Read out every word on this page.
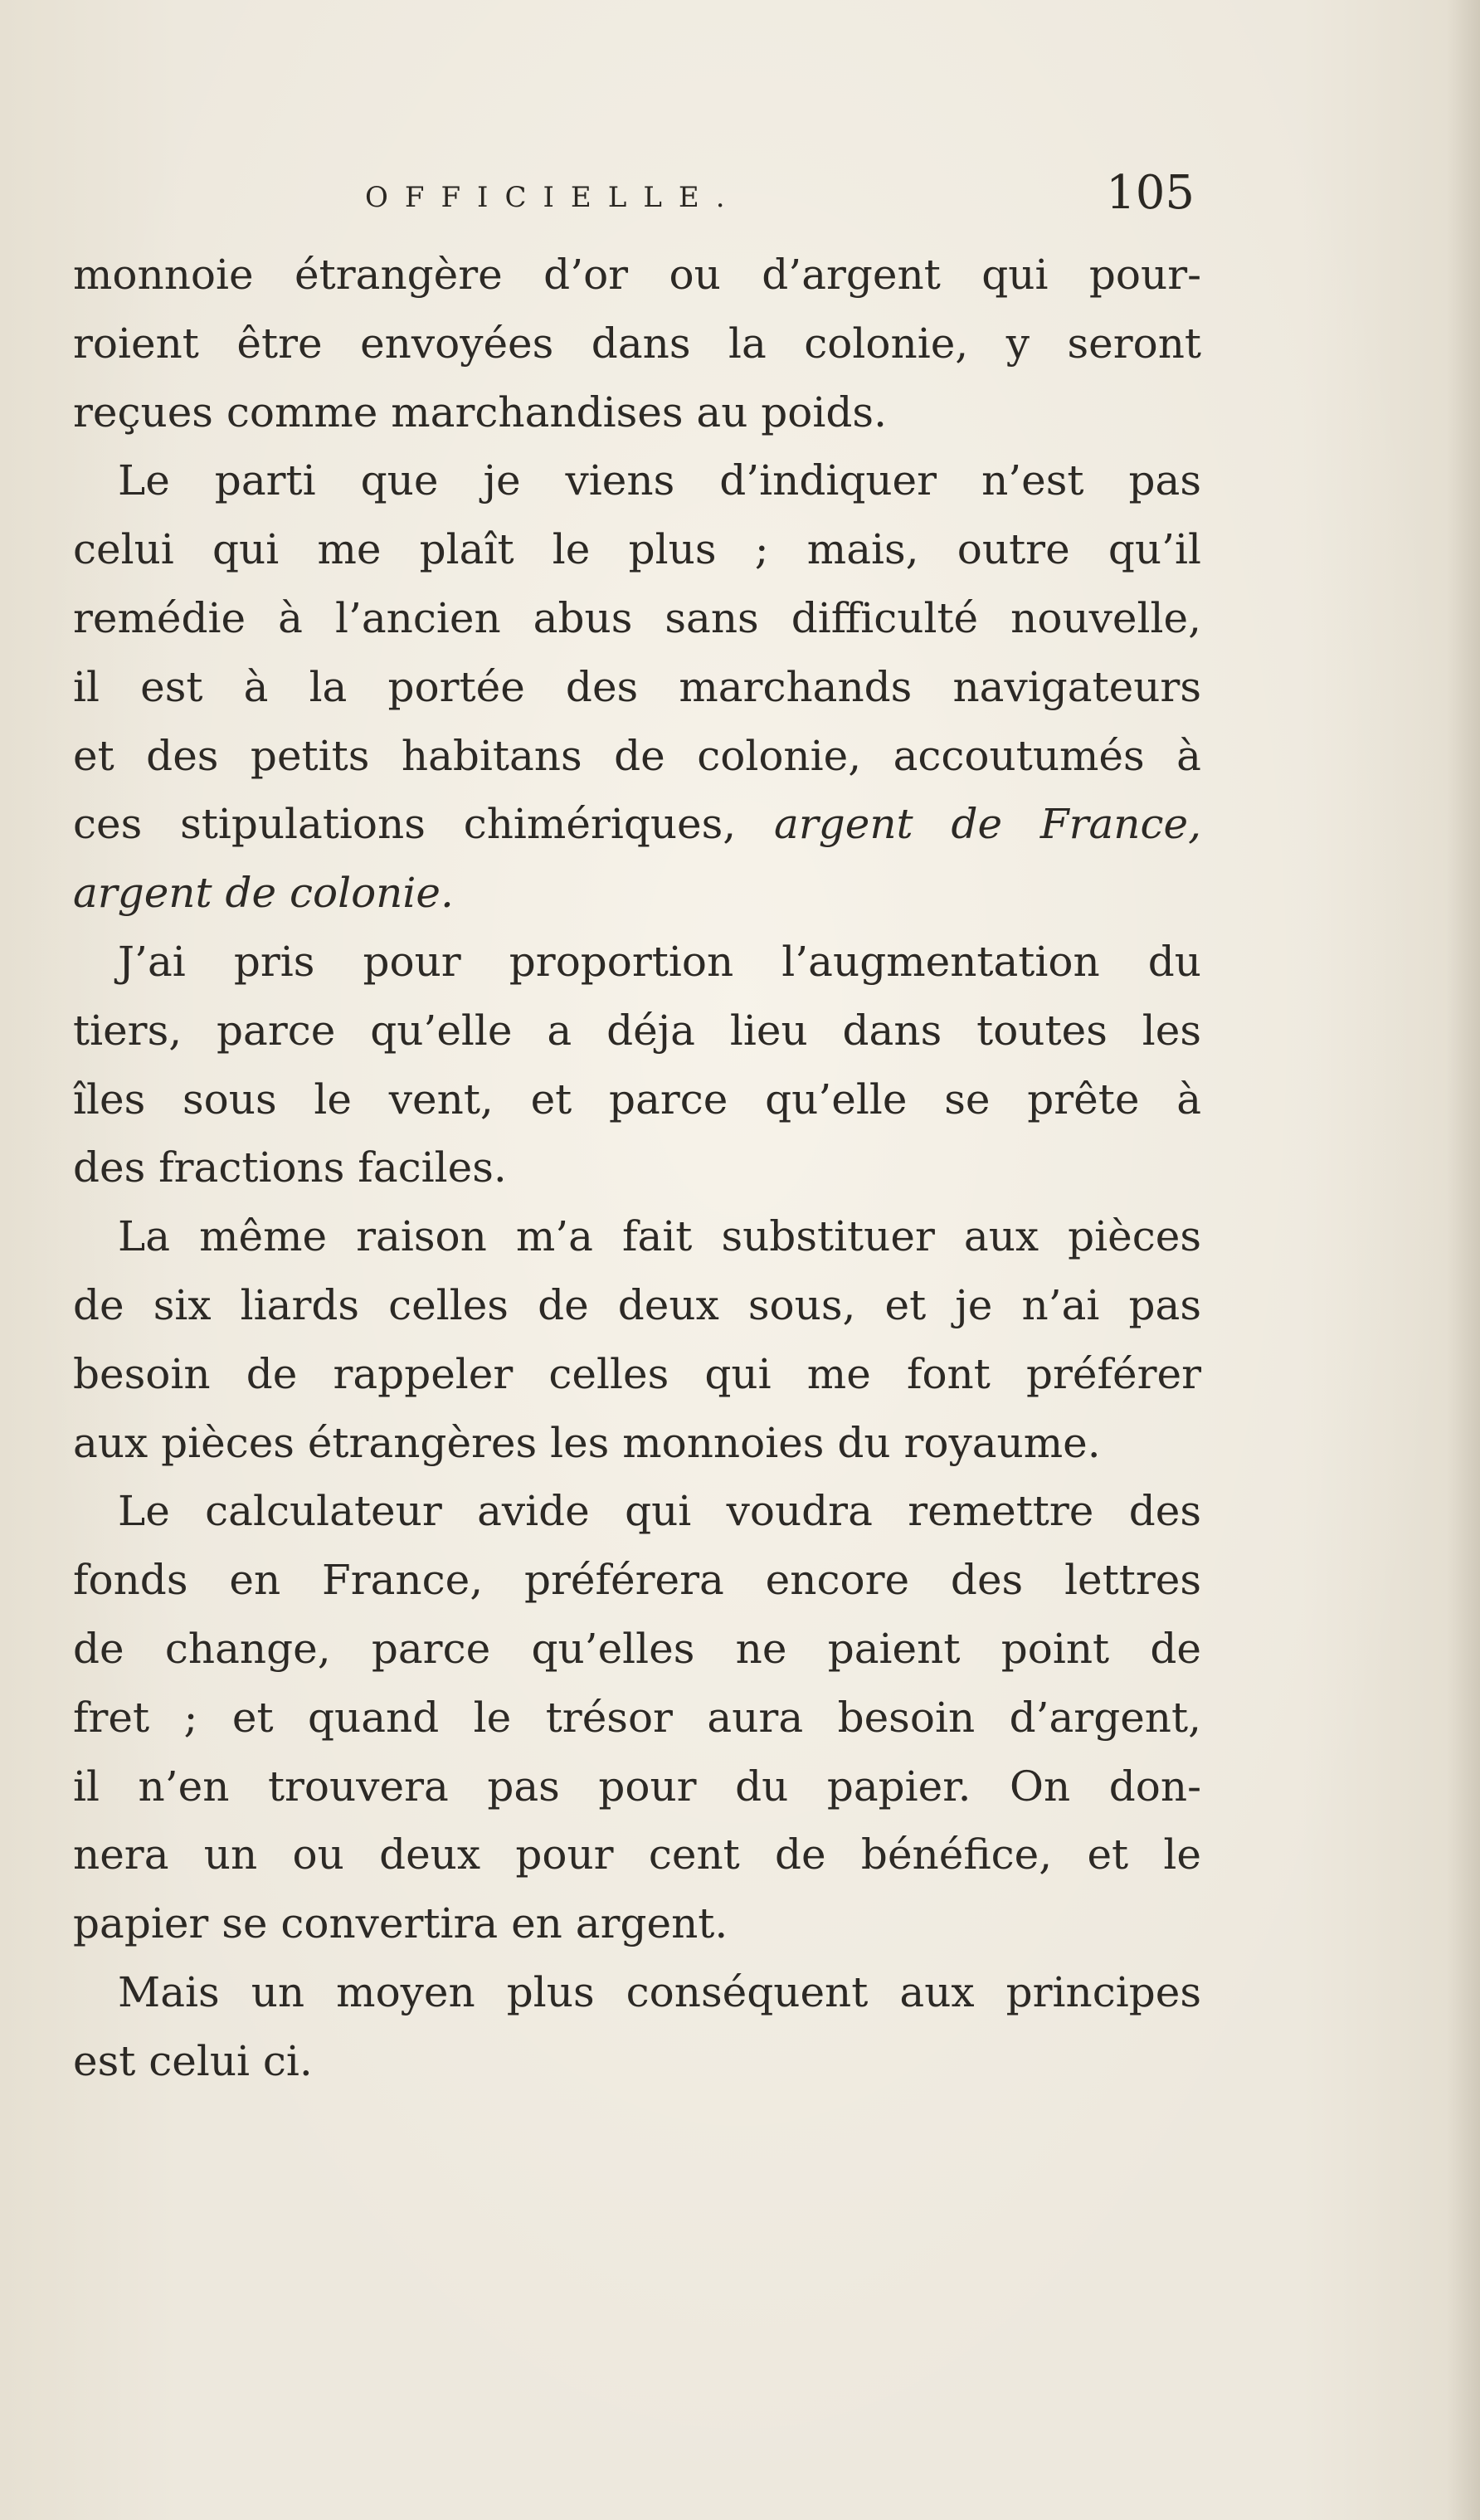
OFFICIELLE.	105
monnoie étrangère d’or ou d’argent qui pour-
roient être envoyées dans la colonie, y seront
reçues comme marchandises au poids.
Le parti que je viens d’indiquer n’est pas
celui qui me plaît le plus ; mais, outre qu’il
remédie à l’ancien abus sans difficulté nouvelle,
il est à la portée des marchands navigateurs
et des petits habitans de colonie, accoutumés à
ces stipulations chimériques, argent de France,
argent de colonie.
J’ai pris pour proportion l’augmentation du
tiers, parce qu’elle a déja lieu dans toutes les
îles sous le vent, et parce qu’elle se prête à
des fractions faciles.
La même raison m’a fait substituer aux pièces
de six liards celles de deux sous, et je n’ai pas
besoin de rappeler celles qui me font préférer
aux pièces étrangères les monnoies du royaume.
Le calculateur avide qui voudra remettre des
fonds en France, préférera encore des lettres
de change, parce qu’elles ne paient point de
fret ; et quand le trésor aura besoin d’argent,
il n’en trouvera pas pour du papier. On don-
nera un ou deux pour cent de bénéfice, et le
papier se convertira en argent.
Mais un moyen plus conséquent aux principes
est celui ci.
